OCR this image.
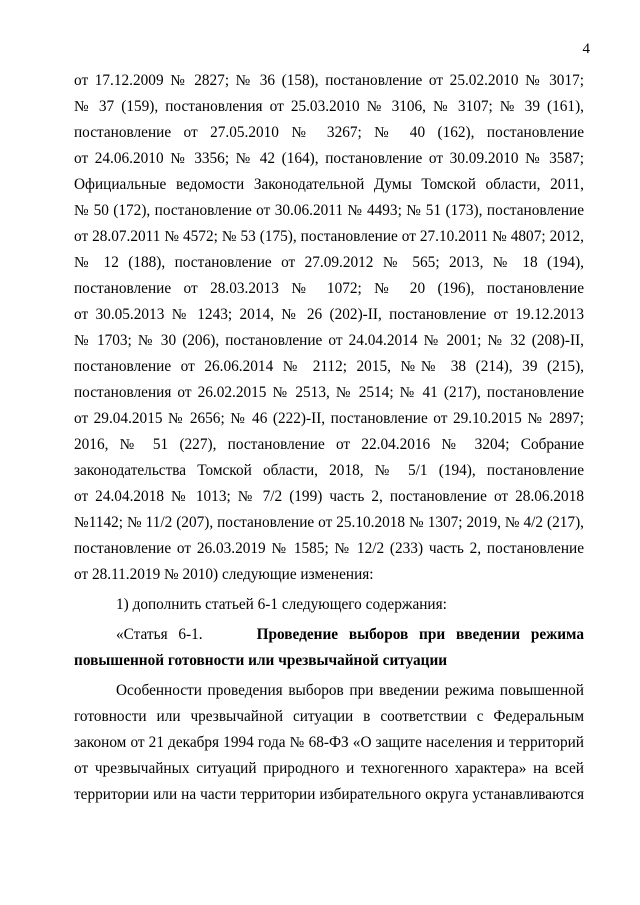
4
от 17.12.2009 № 2827; № 36 (158), постановление от 25.02.2010 № 3017;
№ 37 (159), постановления от 25.03.2010 № 3106, № 3107; № 39 (161),
постановление от 27.05.2010 № 3267; № 40 (162), постановление
от 24.06.2010 № 3356; № 42 (164), постановление от 30.09.2010 № 3587;
Официальные ведомости Законодательной Думы Томской области, 2011,
№ 50 (172), постановление от 30.06.2011 № 4493; № 51 (173), постановление
от 28.07.2011 № 4572; № 53 (175), постановление от 27.10.2011 № 4807; 2012,
№ 12 (188), постановление от 27.09.2012 № 565; 2013, № 18 (194),
постановление от 28.03.2013 № 1072; № 20 (196), постановление
от 30.05.2013 № 1243; 2014, № 26 (202)-II, постановление от 19.12.2013
№ 1703; № 30 (206), постановление от 24.04.2014 № 2001; № 32 (208)-II,
постановление от 26.06.2014 № 2112; 2015, №№ 38 (214), 39 (215),
постановления от 26.02.2015 № 2513, № 2514; № 41 (217), постановление
от 29.04.2015 № 2656; № 46 (222)-II, постановление от 29.10.2015 № 2897;
2016, № 51 (227), постановление от 22.04.2016 № 3204; Собрание
законодательства Томской области, 2018, № 5/1 (194), постановление
от 24.04.2018 № 1013; № 7/2 (199) часть 2, постановление от 28.06.2018
№1142; № 11/2 (207), постановление от 25.10.2018 № 1307; 2019, № 4/2 (217),
постановление от 26.03.2019 № 1585; № 12/2 (233) часть 2, постановление
от 28.11.2019 № 2010) следующие изменения:
1) дополнить статьей 6-1 следующего содержания:
«Статья 6-1.	Проведение выборов при введении режима
повышенной готовности или чрезвычайной ситуации
Особенности проведения выборов при введении режима повышенной
готовности или чрезвычайной ситуации в соответствии с Федеральным
законом от 21 декабря 1994 года № 68-ФЗ «О защите населения и территорий
от чрезвычайных ситуаций природного и техногенного характера» на всей
территории или на части территории избирательного округа устанавливаются
